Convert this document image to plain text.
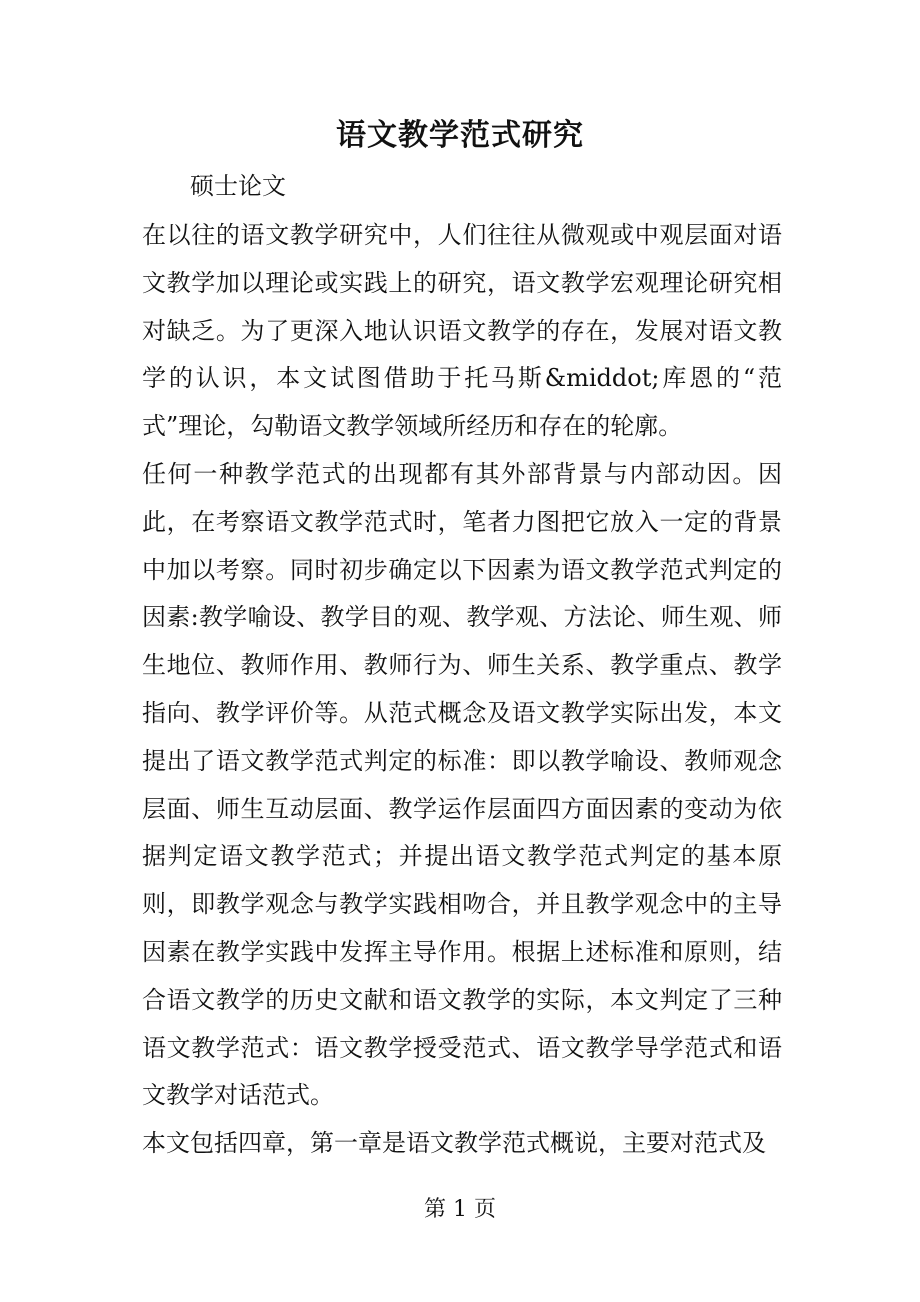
语文教学范式研究
硕士论文

在以往的语文教学研究中，人们往往从微观或中观层面对语文教学加以理论或实践上的研究，语文教学宏观理论研究相对缺乏。为了更深入地认识语文教学的存在，发展对语文教学的认识，本文试图借助于托马斯&middot;库恩的“范式”理论，勾勒语文教学领域所经历和存在的轮廓。

任何一种教学范式的出现都有其外部背景与内部动因。因此，在考察语文教学范式时，笔者力图把它放入一定的背景中加以考察。同时初步确定以下因素为语文教学范式判定的因素:教学喻设、教学目的观、教学观、方法论、师生观、师生地位、教师作用、教师行为、师生关系、教学重点、教学指向、教学评价等。从范式概念及语文教学实际出发，本文提出了语文教学范式判定的标准：即以教学喻设、教师观念层面、师生互动层面、教学运作层面四方面因素的变动为依据判定语文教学范式；并提出语文教学范式判定的基本原则，即教学观念与教学实践相吻合，并且教学观念中的主导因素在教学实践中发挥主导作用。根据上述标准和原则，结合语文教学的历史文献和语文教学的实际，本文判定了三种语文教学范式：语文教学授受范式、语文教学导学范式和语文教学对话范式。

本文包括四章，第一章是语文教学范式概说，主要对范式及

第 1 页
